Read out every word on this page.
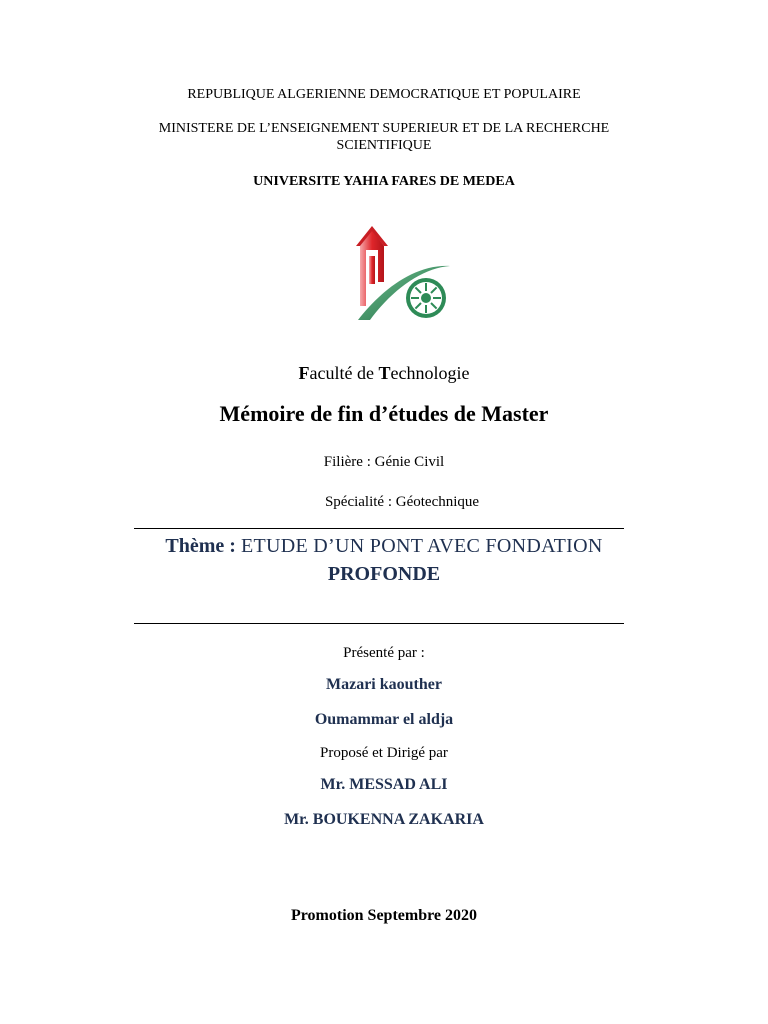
REPUBLIQUE ALGERIENNE DEMOCRATIQUE ET POPULAIRE
MINISTERE DE L’ENSEIGNEMENT SUPERIEUR ET DE LA RECHERCHE
SCIENTIFIQUE
UNIVERSITE YAHIA FARES DE MEDEA
Faculté de Technologie
Mémoire de fin d’études de Master
Filière : Génie Civil
Spécialité : Géotechnique
Thème : ETUDE D’UN PONT AVEC FONDATION
PROFONDE
Présenté par :
Mazari kaouther
Oumammar el aldja
Proposé et Dirigé par
Mr. MESSAD ALI
Mr. BOUKENNA ZAKARIA
Promotion Septembre 2020
